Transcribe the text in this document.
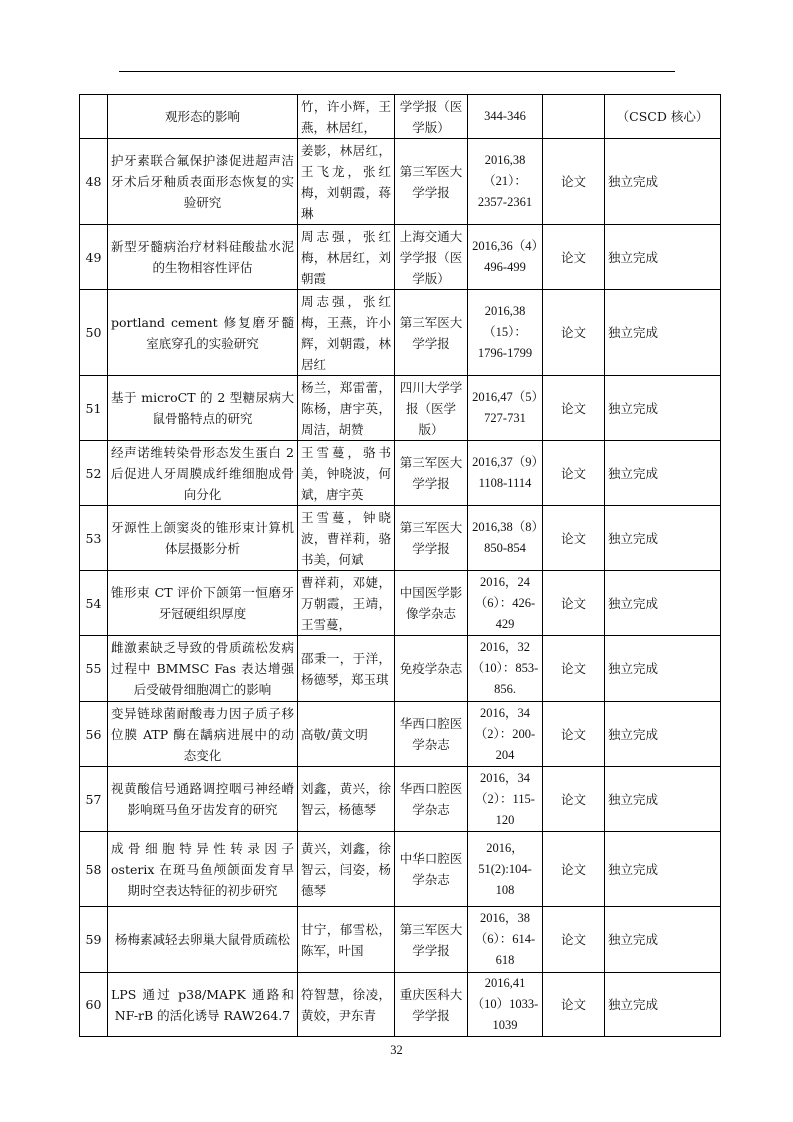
	观形态的影响	竹，许小辉，王燕，林居红，	学学报（医学版）	344-346		（CSCD 核心）
48	护牙素联合氟保护漆促进超声洁牙术后牙釉质表面形态恢复的实验研究	姜影，林居红，王飞龙，张红梅，刘朝霞，蒋琳	第三军医大学学报	2016,38（21）：2357-2361	论文	独立完成
49	新型牙髓病治疗材料硅酸盐水泥的生物相容性评估	周志强，张红梅，林居红，刘朝霞	上海交通大学学报（医学版）	2016,36（4）496-499	论文	独立完成
50	portland cement 修复磨牙髓室底穿孔的实验研究	周志强，张红梅，王燕，许小辉，刘朝霞，林居红	第三军医大学学报	2016,38（15）：1796-1799	论文	独立完成
51	基于 microCT 的 2 型糖尿病大鼠骨骼特点的研究	杨兰，郑雷蕾，陈杨，唐宇英，周洁，胡赞	四川大学学报（医学版）	2016,47（5）727-731	论文	独立完成
52	经声诺维转染骨形态发生蛋白 2 后促进人牙周膜成纤维细胞成骨向分化	王雪蔓，骆书美，钟晓波，何斌，唐宇英	第三军医大学学报	2016,37（9）1108-1114	论文	独立完成
53	牙源性上颌窦炎的锥形束计算机体层摄影分析	王雪蔓，钟晓波，曹祥莉，骆书美，何斌	第三军医大学学报	2016,38（8）850-854	论文	独立完成
54	锥形束 CT 评价下颌第一恒磨牙牙冠硬组织厚度	曹祥莉，邓婕，万朝霞，王靖，王雪蔓，	中国医学影像学杂志	2016，24（6）：426-429	论文	独立完成
55	雌激素缺乏导致的骨质疏松发病过程中 BMMSC Fas 表达增强后受破骨细胞凋亡的影响	邵秉一，于洋，杨德琴，郑玉琪	免疫学杂志	2016，32（10）：853-856.	论文	独立完成
56	变异链球菌耐酸毒力因子质子移位膜 ATP 酶在龋病进展中的动态变化	高敬/黄文明	华西口腔医学杂志	2016，34（2）：200-204	论文	独立完成
57	视黄酸信号通路调控咽弓神经嵴影响斑马鱼牙齿发育的研究	刘鑫，黄兴，徐智云，杨德琴	华西口腔医学杂志	2016，34（2）：115-120	论文	独立完成
58	成骨细胞特异性转录因子 osterix 在斑马鱼颅颌面发育早期时空表达特征的初步研究	黄兴，刘鑫，徐智云，闫姿，杨德琴	中华口腔医学杂志	2016，51(2):104-108	论文	独立完成
59	杨梅素减轻去卵巢大鼠骨质疏松	甘宁，郁雪松，陈军，叶国	第三军医大学学报	2016，38（6）：614-618	论文	独立完成
60	LPS 通过 p38/MAPK 通路和 NF-rB 的活化诱导 RAW264.7	符智慧，徐凌，黄姣，尹东青	重庆医科大学学报	2016,41（10）1033-1039	论文	独立完成
32
